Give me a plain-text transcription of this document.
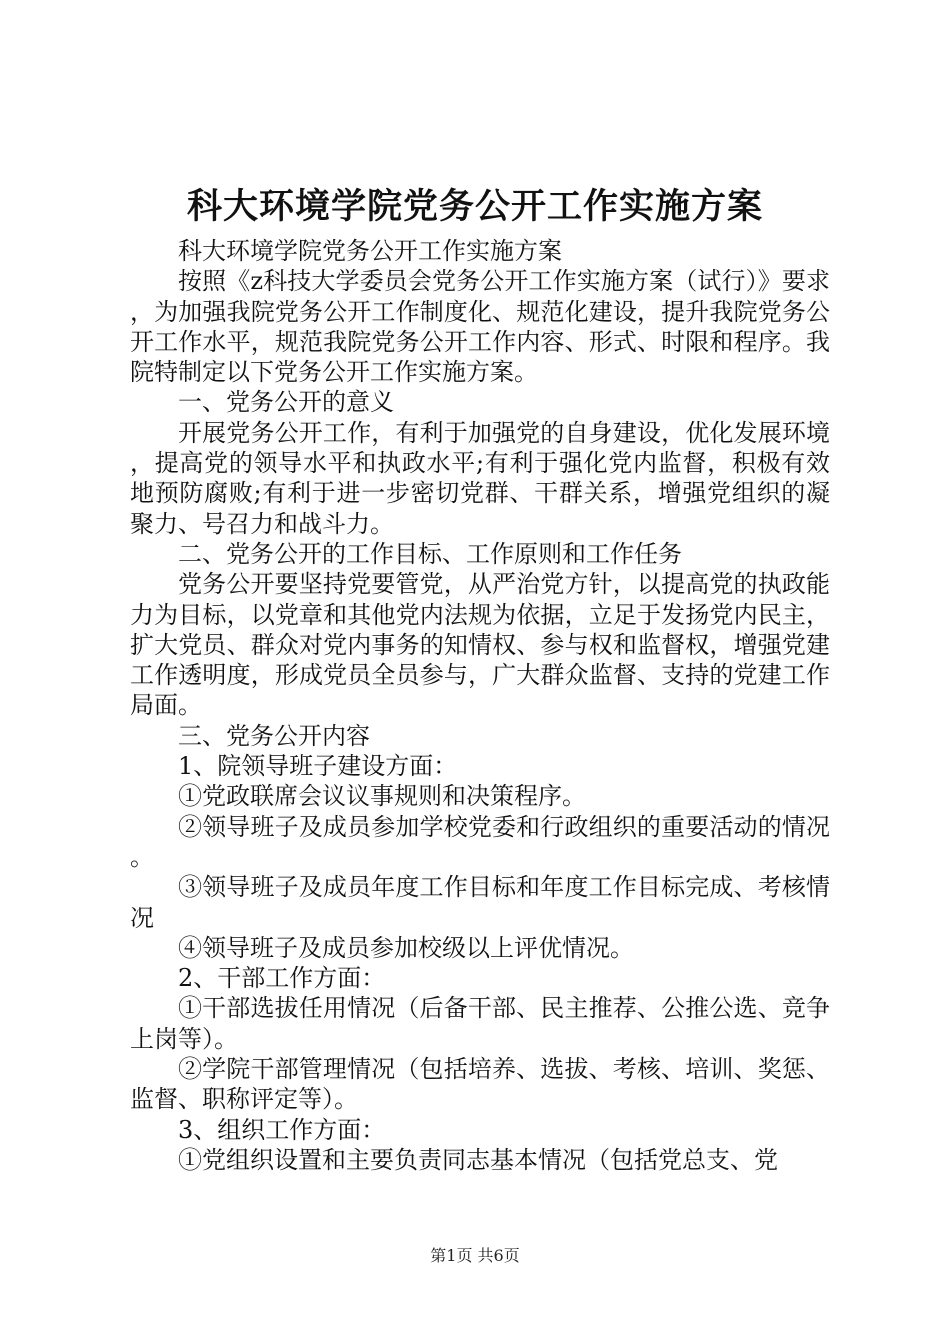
科大环境学院党务公开工作实施方案

科大环境学院党务公开工作实施方案

按照《z科技大学委员会党务公开工作实施方案（试行）》要求，为加强我院党务公开工作制度化、规范化建设，提升我院党务公开工作水平，规范我院党务公开工作内容、形式、时限和程序。我院特制定以下党务公开工作实施方案。

一、党务公开的意义

开展党务公开工作，有利于加强党的自身建设，优化发展环境，提高党的领导水平和执政水平;有利于强化党内监督，积极有效地预防腐败;有利于进一步密切党群、干群关系，增强党组织的凝聚力、号召力和战斗力。

二、党务公开的工作目标、工作原则和工作任务

党务公开要坚持党要管党，从严治党方针，以提高党的执政能力为目标，以党章和其他党内法规为依据，立足于发扬党内民主，扩大党员、群众对党内事务的知情权、参与权和监督权，增强党建工作透明度，形成党员全员参与，广大群众监督、支持的党建工作局面。

三、党务公开内容

1、院领导班子建设方面：

①党政联席会议议事规则和决策程序。

②领导班子及成员参加学校党委和行政组织的重要活动的情况。

③领导班子及成员年度工作目标和年度工作目标完成、考核情况

④领导班子及成员参加校级以上评优情况。

2、干部工作方面：

①干部选拔任用情况（后备干部、民主推荐、公推公选、竞争上岗等）。

②学院干部管理情况（包括培养、选拔、考核、培训、奖惩、监督、职称评定等）。

3、组织工作方面：

①党组织设置和主要负责同志基本情况（包括党总支、党

第1页 共6页
